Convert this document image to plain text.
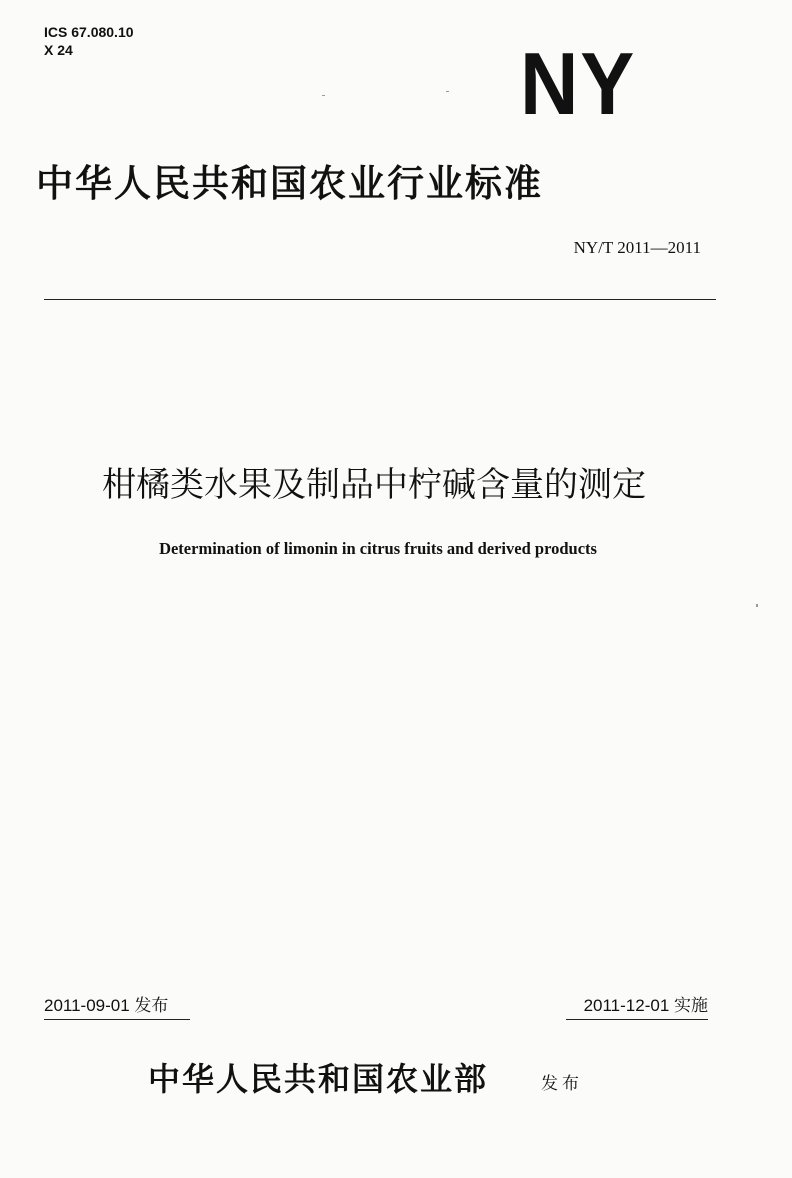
ICS 67.080.10
X 24	NY
中华人民共和国农业行业标准
NY/T 2011—2011
柑橘类水果及制品中柠碱含量的测定
Determination of limonin in citrus fruits and derived products
2011-09-01 发布	2011-12-01 实施
中华人民共和国农业部	发布
